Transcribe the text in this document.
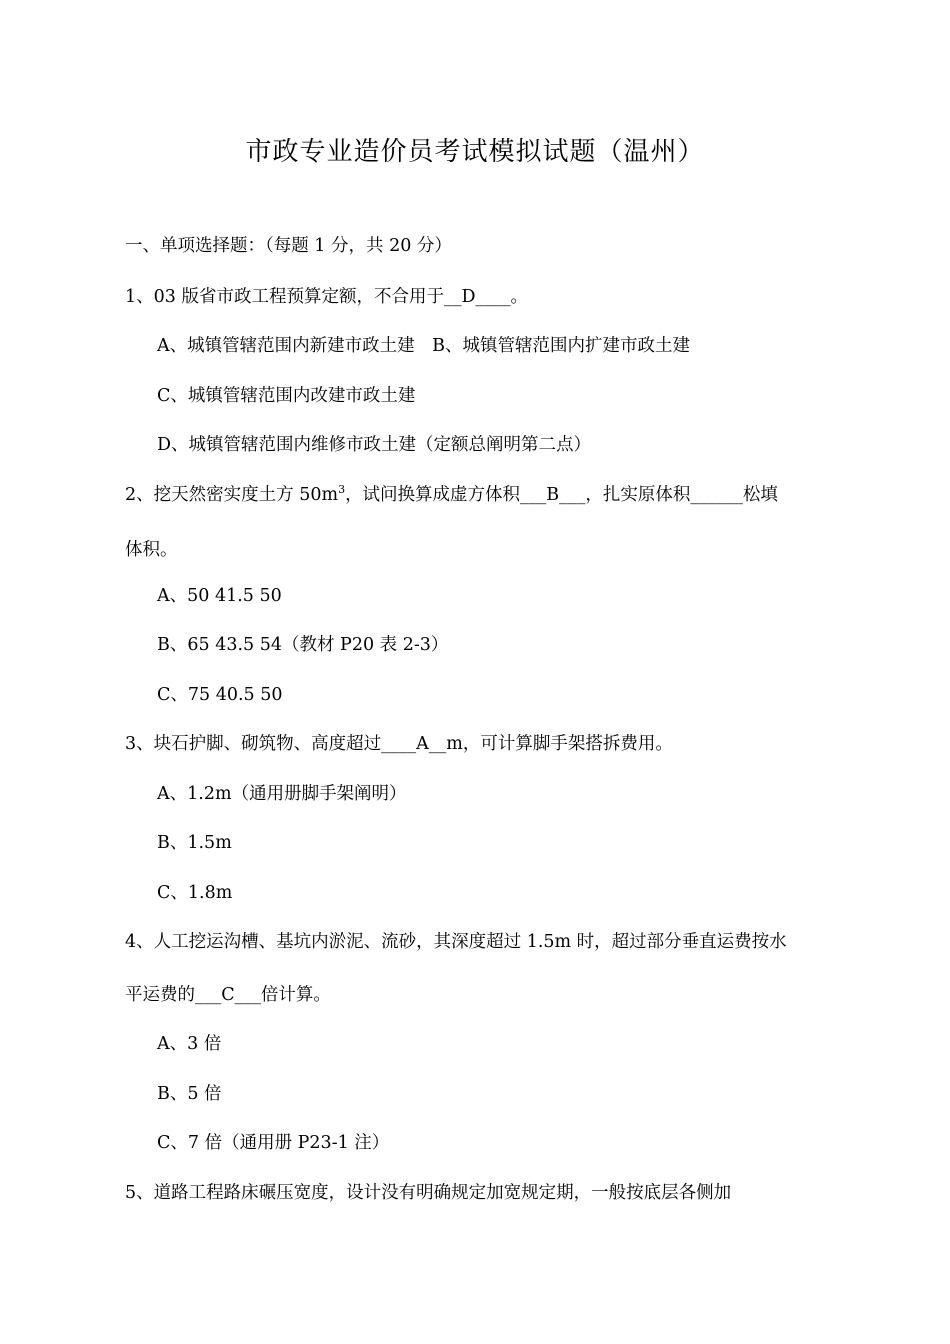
市政专业造价员考试模拟试题（温州）
一、单项选择题：（每题 1 分，共 20 分）
1、03 版省市政工程预算定额，不合用于__D____。
A、城镇管辖范围内新建市政土建　B、城镇管辖范围内扩建市政土建
C、城镇管辖范围内改建市政土建
D、城镇管辖范围内维修市政土建（定额总阐明第二点）
2、挖天然密实度土方 $50m^3$，试问换算成虚方体积___B___，扎实原体积______松填
体积。
A、50 41.5 50
B、65 43.5 54（教材 P20 表 2-3）
C、75 40.5 50
3、块石护脚、砌筑物、高度超过____A__m，可计算脚手架搭拆费用。
A、1.2m（通用册脚手架阐明）
B、1.5m
C、1.8m
4、人工挖运沟槽、基坑内淤泥、流砂，其深度超过 1.5m 时，超过部分垂直运费按水
平运费的___C___倍计算。
A、3 倍
B、5 倍
C、7 倍（通用册 P23-1 注）
5、道路工程路床碾压宽度，设计没有明确规定加宽规定期，一般按底层各侧加
